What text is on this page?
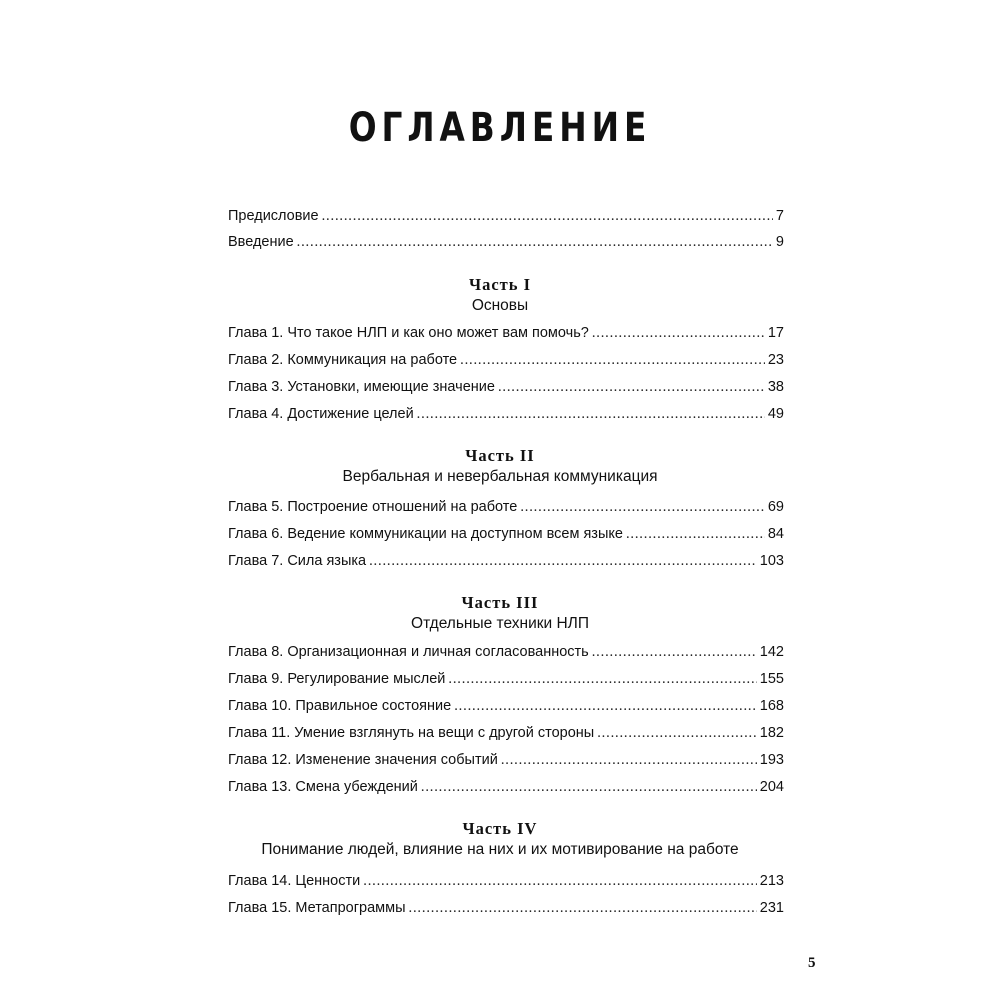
ОГЛАВЛЕНИЕ
Предисловие . . .	7
Введение . . .	9
Часть I
Основы
Глава 1. Что такое НЛП и как оно может вам помочь? . . .	17
Глава 2. Коммуникация на работе . . .	23
Глава 3. Установки, имеющие значение . . .	38
Глава 4. Достижение целей . . .	49
Часть II
Вербальная и невербальная коммуникация
Глава 5. Построение отношений на работе . . .	69
Глава 6. Ведение коммуникации на доступном всем языке . . .	84
Глава 7. Сила языка . . .	103
Часть III
Отдельные техники НЛП
Глава 8. Организационная и личная согласованность . . .	142
Глава 9. Регулирование мыслей . . .	155
Глава 10. Правильное состояние . . .	168
Глава 11. Умение взглянуть на вещи с другой стороны . . .	182
Глава 12. Изменение значения событий . . .	193
Глава 13. Смена убеждений . . .	204
Часть IV
Понимание людей, влияние на них и их мотивирование на работе
Глава 14. Ценности . . .	213
Глава 15. Метапрограммы . . .	231
5
